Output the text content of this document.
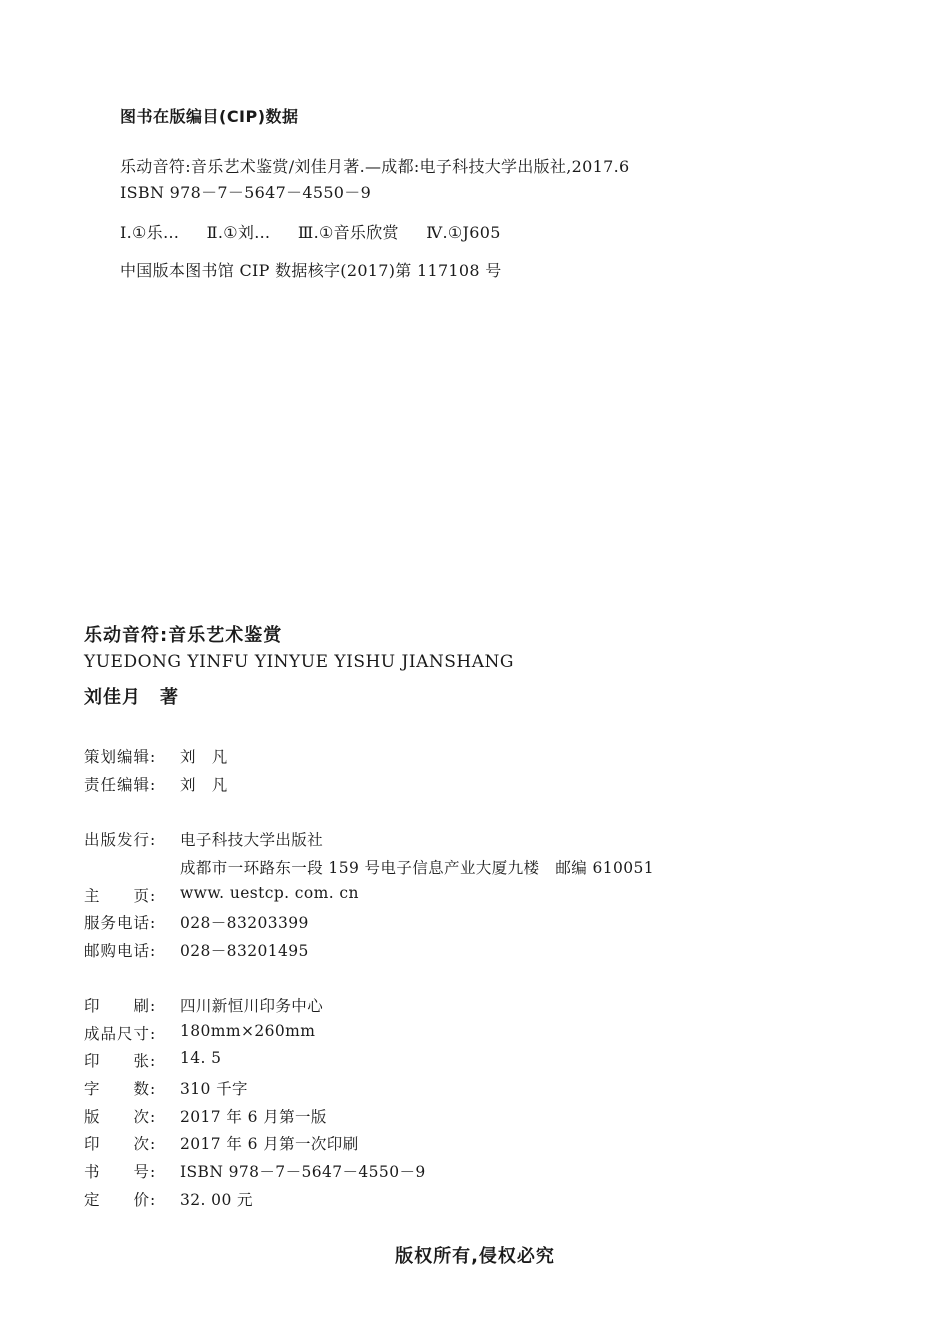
图书在版编目(CIP)数据
乐动音符:音乐艺术鉴赏/刘佳月著.—成都:电子科技大学出版社,2017.6
ISBN 978－7－5647－4550－9
Ⅰ.①乐… Ⅱ.①刘… Ⅲ.①音乐欣赏 Ⅳ.①J605
中国版本图书馆 CIP 数据核字(2017)第 117108 号
乐动音符:音乐艺术鉴赏
YUEDONG YINFU YINYUE YISHU JIANSHANG
刘佳月　著
策划编辑:	刘　凡
责任编辑:	刘　凡
出版发行:	电子科技大学出版社
成都市一环路东一段 159 号电子信息产业大厦九楼　邮编 610051
主　　页:	www. uestcp. com. cn
服务电话:	028－83203399
邮购电话:	028－83201495
印　　刷:	四川新恒川印务中心
成品尺寸:	180mm×260mm
印　　张:	14. 5
字　　数:	310 千字
版　　次:	2017 年 6 月第一版
印　　次:	2017 年 6 月第一次印刷
书　　号:	ISBN 978－7－5647－4550－9
定　　价:	32. 00 元
版权所有,侵权必究
